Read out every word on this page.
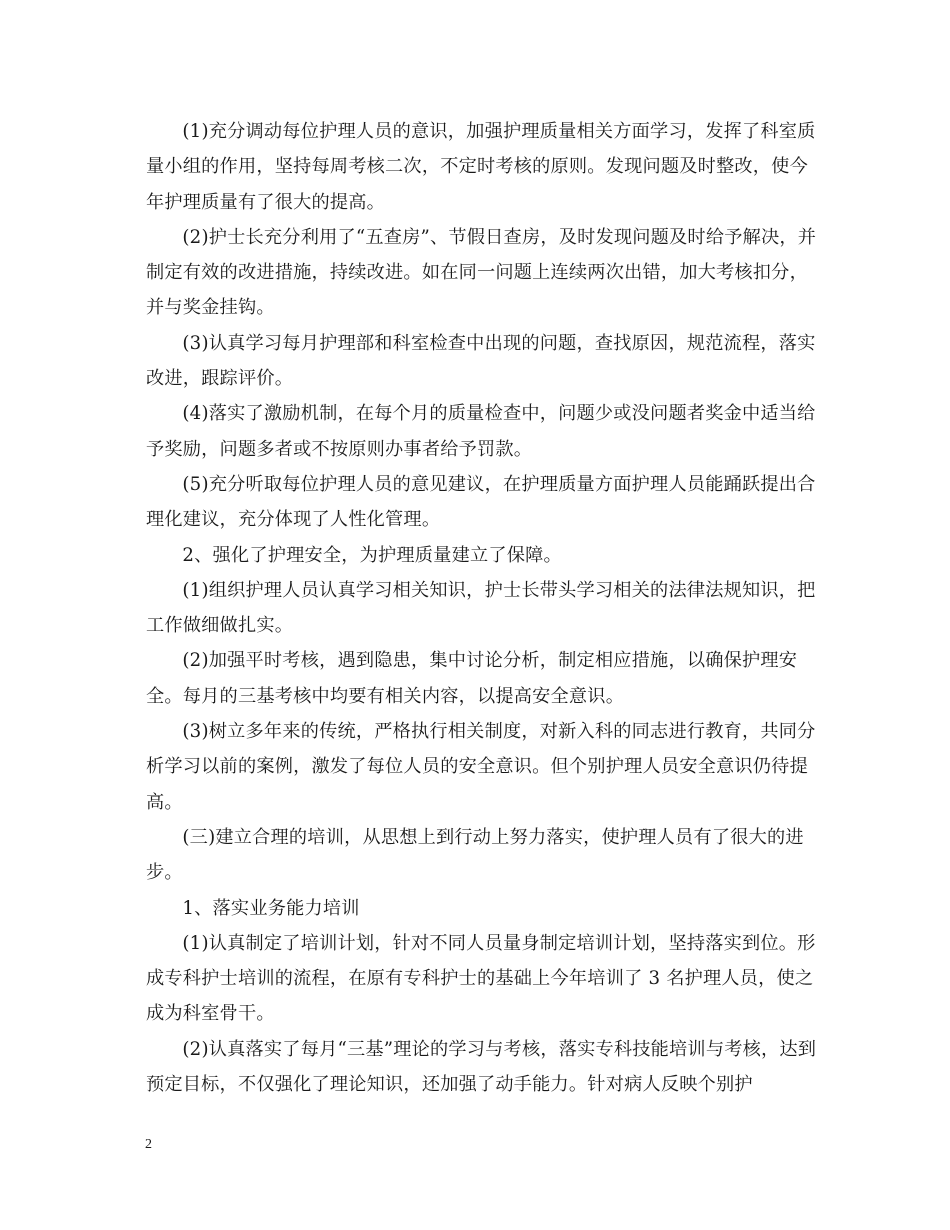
(1)充分调动每位护理人员的意识，加强护理质量相关方面学习，发挥了科室质量小组的作用，坚持每周考核二次，不定时考核的原则。发现问题及时整改，使今年护理质量有了很大的提高。

(2)护士长充分利用了“五查房”、节假日查房，及时发现问题及时给予解决，并制定有效的改进措施，持续改进。如在同一问题上连续两次出错，加大考核扣分，并与奖金挂钩。

(3)认真学习每月护理部和科室检查中出现的问题，查找原因，规范流程，落实改进，跟踪评价。

(4)落实了激励机制，在每个月的质量检查中，问题少或没问题者奖金中适当给予奖励，问题多者或不按原则办事者给予罚款。

(5)充分听取每位护理人员的意见建议，在护理质量方面护理人员能踊跃提出合理化建议，充分体现了人性化管理。

2、强化了护理安全，为护理质量建立了保障。

(1)组织护理人员认真学习相关知识，护士长带头学习相关的法律法规知识，把工作做细做扎实。

(2)加强平时考核，遇到隐患，集中讨论分析，制定相应措施，以确保护理安全。每月的三基考核中均要有相关内容，以提高安全意识。

(3)树立多年来的传统，严格执行相关制度，对新入科的同志进行教育，共同分析学习以前的案例，激发了每位人员的安全意识。但个别护理人员安全意识仍待提高。

(三)建立合理的培训，从思想上到行动上努力落实，使护理人员有了很大的进步。

1、落实业务能力培训

(1)认真制定了培训计划，针对不同人员量身制定培训计划，坚持落实到位。形成专科护士培训的流程，在原有专科护士的基础上今年培训了 3 名护理人员，使之成为科室骨干。

(2)认真落实了每月“三基”理论的学习与考核，落实专科技能培训与考核，达到预定目标，不仅强化了理论知识，还加强了动手能力。针对病人反映个别护

2
